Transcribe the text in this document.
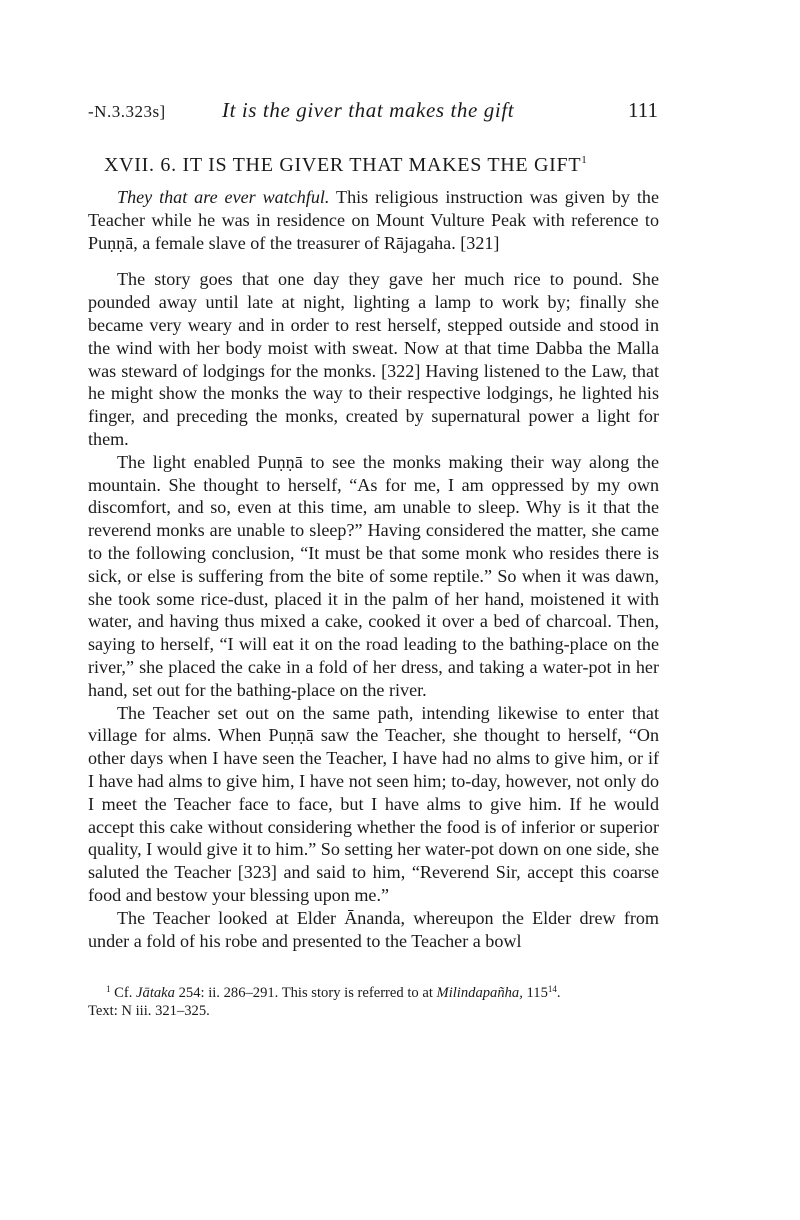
-N.3.323s]	It is the giver that makes the gift	111
XVII. 6. IT IS THE GIVER THAT MAKES THE GIFT$^1$

They that are ever watchful. This religious instruction was given by the Teacher while he was in residence on Mount Vulture Peak with reference to Puṇṇā, a female slave of the treasurer of Rājagaha. [321]

The story goes that one day they gave her much rice to pound. She pounded away until late at night, lighting a lamp to work by; finally she became very weary and in order to rest herself, stepped outside and stood in the wind with her body moist with sweat. Now at that time Dabba the Malla was steward of lodgings for the monks. [322] Having listened to the Law, that he might show the monks the way to their respective lodgings, he lighted his finger, and preceding the monks, created by supernatural power a light for them.

The light enabled Puṇṇā to see the monks making their way along the mountain. She thought to herself, “As for me, I am oppressed by my own discomfort, and so, even at this time, am unable to sleep. Why is it that the reverend monks are unable to sleep?” Having considered the matter, she came to the following conclusion, “It must be that some monk who resides there is sick, or else is suffering from the bite of some reptile.” So when it was dawn, she took some rice-dust, placed it in the palm of her hand, moistened it with water, and having thus mixed a cake, cooked it over a bed of charcoal. Then, saying to herself, “I will eat it on the road leading to the bathing-place on the river,” she placed the cake in a fold of her dress, and taking a water-pot in her hand, set out for the bathing-place on the river.

The Teacher set out on the same path, intending likewise to enter that village for alms. When Puṇṇā saw the Teacher, she thought to herself, “On other days when I have seen the Teacher, I have had no alms to give him, or if I have had alms to give him, I have not seen him; to-day, however, not only do I meet the Teacher face to face, but I have alms to give him. If he would accept this cake without considering whether the food is of inferior or superior quality, I would give it to him.” So setting her water-pot down on one side, she saluted the Teacher [323] and said to him, “Reverend Sir, accept this coarse food and bestow your blessing upon me.”

The Teacher looked at Elder Ānanda, whereupon the Elder drew from under a fold of his robe and presented to the Teacher a bowl

$^1$ Cf. Jātaka 254: ii. 286–291. This story is referred to at Milindapañha, $115^{14}$.
Text: N iii. 321–325.
